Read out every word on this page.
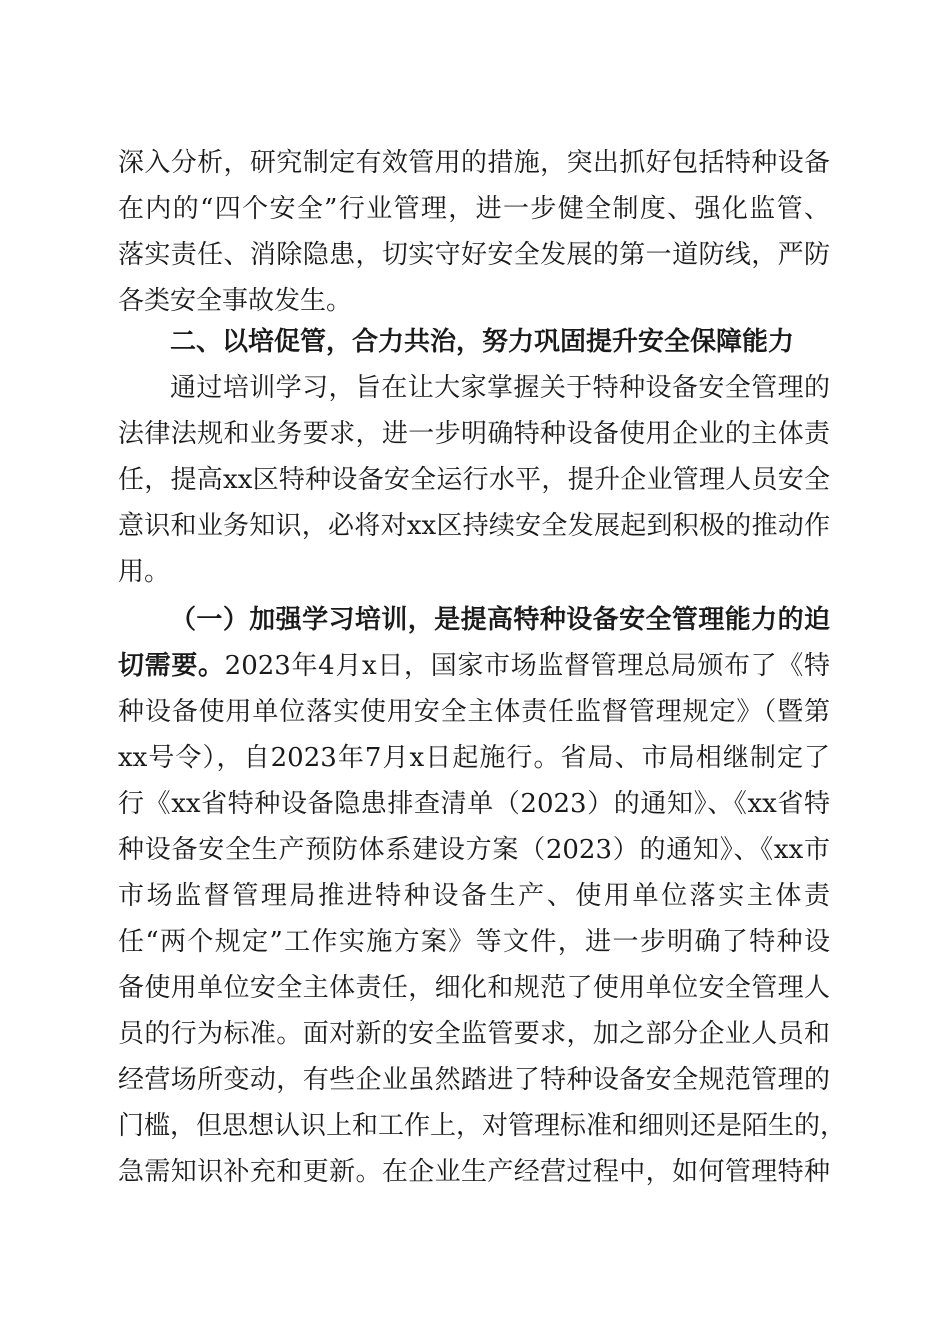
深入分析，研究制定有效管用的措施，突出抓好包括特种设备
在内的“四个安全”行业管理，进一步健全制度、强化监管、
落实责任、消除隐患，切实守好安全发展的第一道防线，严防
各类安全事故发生。
二、以培促管，合力共治，努力巩固提升安全保障能力
通过培训学习，旨在让大家掌握关于特种设备安全管理的
法律法规和业务要求，进一步明确特种设备使用企业的主体责
任，提高xx区特种设备安全运行水平，提升企业管理人员安全
意识和业务知识，必将对xx区持续安全发展起到积极的推动作
用。
（一）加强学习培训，是提高特种设备安全管理能力的迫
切需要。2023年4月x日，国家市场监督管理总局颁布了《特
种设备使用单位落实使用安全主体责任监督管理规定》（暨第
xx号令），自2023年7月x日起施行。省局、市局相继制定了
行《xx省特种设备隐患排查清单（2023）的通知》、《xx省特
种设备安全生产预防体系建设方案（2023）的通知》、《xx市
市场监督管理局推进特种设备生产、使用单位落实主体责
任“两个规定”工作实施方案》等文件，进一步明确了特种设
备使用单位安全主体责任，细化和规范了使用单位安全管理人
员的行为标准。面对新的安全监管要求，加之部分企业人员和
经营场所变动，有些企业虽然踏进了特种设备安全规范管理的
门槛，但思想认识上和工作上，对管理标准和细则还是陌生的，
急需知识补充和更新。在企业生产经营过程中，如何管理特种
